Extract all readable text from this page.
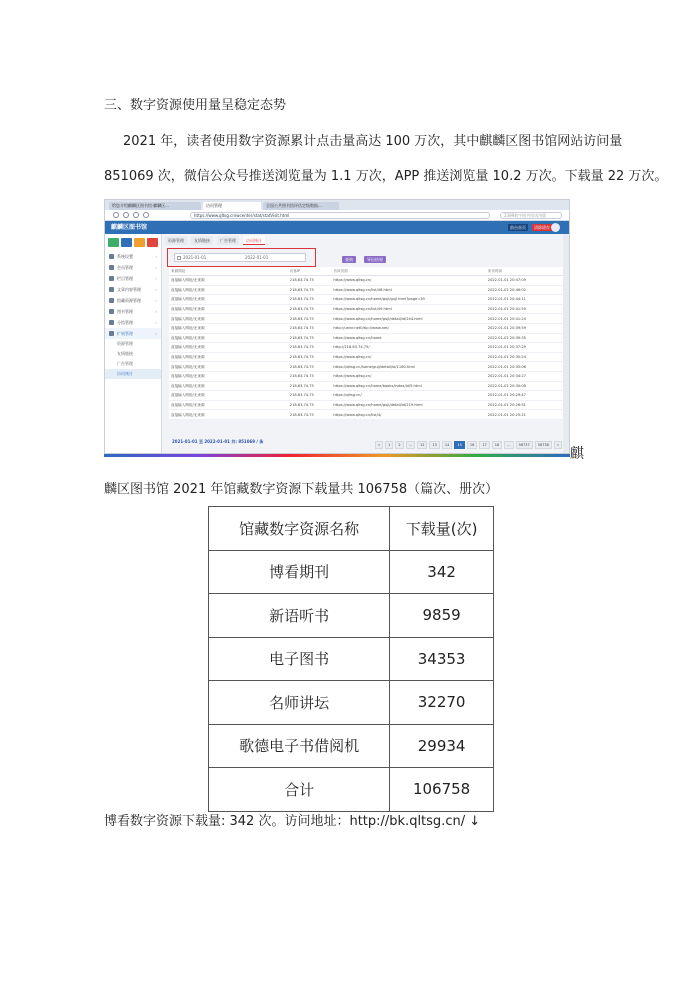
三、数字资源使用量呈稳定态势
2021 年，读者使用数字资源累计点击量高达 100 万次，其中麒麟区图书馆网站访问量
851069 次，微信公众号推送浏览量为 1.1 万次，APP 推送浏览量 10.2 万次。下载量 22 万次。
给您介绍麒麟区图书馆·麒麟区...	访问管理	全国公共图书馆评估定级数据...
https://www.qltsg.cn/wcenter/stat/statVisit.html	2399数字图书馆试用版
麒麟区图书馆	前台首页	清除缓存
系统设置	›
会员管理	›
栏目管理	›
文章内容管理	›
馆藏资源管理	›
图书管理	›
分馆管理	›
扩展管理	›
资源管理
友情链接
广告管理
访问统计
资源管理	友情链接	广告管理	访问统计
2021-01-01	2022-01-01	查询	导出结果
来源网址	访客IP	访问页面	来访时间
直接输入网址/无来源	218.63.74.75	https://www.qltsg.cn/	2022-01-01 20:47:09
直接输入网址/无来源	218.63.74.75	https://www.qltsg.cn/list/46.html	2022-01-01 20:46:02
直接输入网址/无来源	218.63.74.75	https://www.qltsg.cn/home/guji/guji.html?page=39	2022-01-01 20:44:11
直接输入网址/无来源	218.63.74.75	https://www.qltsg.cn/list/49.html	2022-01-01 20:41:50
直接输入网址/无来源	218.63.74.75	https://www.qltsg.cn/home/guji/detail/id/244.html	2022-01-01 20:41:24
直接输入网址/无来源	218.63.74.75	http://ueinr.net0/tip://www.net/	2022-01-01 20:39:59
直接输入网址/无来源	218.63.74.75	https://www.qltsg.cn/home	2022-01-01 20:39:35
直接输入网址/无来源	218.63.74.75	http://218.63.74.75/	2022-01-01 20:37:29
直接输入网址/无来源	218.63.74.75	https://www.qltsg.cn/	2022-01-01 20:35:24
直接输入网址/无来源	218.63.74.75	https://qltsg.cn/home/guji/detail/id/1160.html	2022-01-01 20:35:06
直接输入网址/无来源	218.63.74.75	https://www.qltsg.cn/	2022-01-01 20:34:27
直接输入网址/无来源	218.63.74.75	https://www.qltsg.cn/home/books/index/id/5.html	2022-01-01 20:30:08
直接输入网址/无来源	218.63.74.75	https://qltsg.cn/	2022-01-01 20:29:47
直接输入网址/无来源	218.63.74.75	https://www.qltsg.cn/home/guji/detail/id/219.html	2022-01-01 20:26:51
直接输入网址/无来源	218.63.74.75	https://www.qltsg.cn/list/4/	2022-01-01 20:25:21
2021-01-01 至 2022-01-01 共: 851069 / 条
«	1	2	...	12	13	14	15	16	17	18	...	56737	56738	»
麒
麟区图书馆 2021 年馆藏数字资源下载量共 106758（篇次、册次）
馆藏数字资源名称	下载量(次)
博看期刊	342
新语听书	9859
电子图书	34353
名师讲坛	32270
歌德电子书借阅机	29934
合计	106758
博看数字资源下载量: 342 次。访问地址：http://bk.qltsg.cn/ ↓
